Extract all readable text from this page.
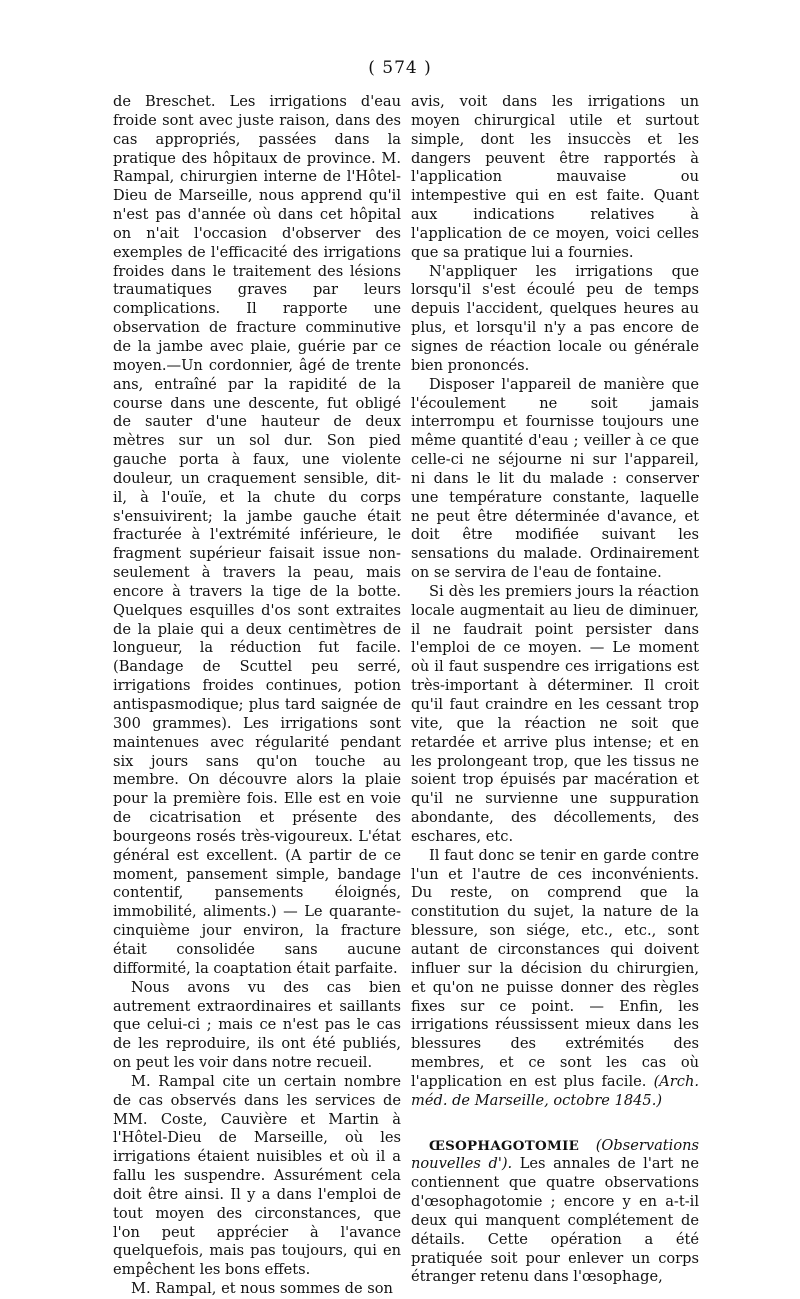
( 574 )

de Breschet. Les irrigations d'eau froide sont avec juste raison, dans des cas appropriés, passées dans la pratique des hôpitaux de province. M. Rampal, chirurgien interne de l'Hôtel-Dieu de Marseille, nous apprend qu'il n'est pas d'année où dans cet hôpital on n'ait l'occasion d'observer des exemples de l'efficacité des irrigations froides dans le traitement des lésions traumatiques graves par leurs complications. Il rapporte une observation de fracture comminutive de la jambe avec plaie, guérie par ce moyen.—Un cordonnier, âgé de trente ans, entraîné par la rapidité de la course dans une descente, fut obligé de sauter d'une hauteur de deux mètres sur un sol dur. Son pied gauche porta à faux, une violente douleur, un craquement sensible, dit-il, à l'ouïe, et la chute du corps s'ensuivirent; la jambe gauche était fracturée à l'extrémité inférieure, le fragment supérieur faisait issue non-seulement à travers la peau, mais encore à travers la tige de la botte. Quelques esquilles d'os sont extraites de la plaie qui a deux centimètres de longueur, la réduction fut facile. (Bandage de Scuttel peu serré, irrigations froides continues, potion antispasmodique; plus tard saignée de 300 grammes). Les irrigations sont maintenues avec régularité pendant six jours sans qu'on touche au membre. On découvre alors la plaie pour la première fois. Elle est en voie de cicatrisation et présente des bourgeons rosés très-vigoureux. L'état général est excellent. (A partir de ce moment, pansement simple, bandage contentif, pansements éloignés, immobilité, aliments.) — Le quarante-cinquième jour environ, la fracture était consolidée sans aucune difformité, la coaptation était parfaite.

Nous avons vu des cas bien autrement extraordinaires et saillants que celui-ci ; mais ce n'est pas le cas de les reproduire, ils ont été publiés, on peut les voir dans notre recueil.

M. Rampal cite un certain nombre de cas observés dans les services de MM. Coste, Cauvière et Martin à l'Hôtel-Dieu de Marseille, où les irrigations étaient nuisibles et où il a fallu les suspendre. Assurément cela doit être ainsi. Il y a dans l'emploi de tout moyen des circonstances, que l'on peut apprécier à l'avance quelquefois, mais pas toujours, qui en empêchent les bons effets.

M. Rampal, et nous sommes de son

avis, voit dans les irrigations un moyen chirurgical utile et surtout simple, dont les insuccès et les dangers peuvent être rapportés à l'application mauvaise ou intempestive qui en est faite. Quant aux indications relatives à l'application de ce moyen, voici celles que sa pratique lui a fournies.

N'appliquer les irrigations que lorsqu'il s'est écoulé peu de temps depuis l'accident, quelques heures au plus, et lorsqu'il n'y a pas encore de signes de réaction locale ou générale bien prononcés.

Disposer l'appareil de manière que l'écoulement ne soit jamais interrompu et fournisse toujours une même quantité d'eau ; veiller à ce que celle-ci ne séjourne ni sur l'appareil, ni dans le lit du malade : conserver une température constante, laquelle ne peut être déterminée d'avance, et doit être modifiée suivant les sensations du malade. Ordinairement on se servira de l'eau de fontaine.

Si dès les premiers jours la réaction locale augmentait au lieu de diminuer, il ne faudrait point persister dans l'emploi de ce moyen. — Le moment où il faut suspendre ces irrigations est très-important à déterminer. Il croit qu'il faut craindre en les cessant trop vite, que la réaction ne soit que retardée et arrive plus intense; et en les prolongeant trop, que les tissus ne soient trop épuisés par macération et qu'il ne survienne une suppuration abondante, des décollements, des eschares, etc.

Il faut donc se tenir en garde contre l'un et l'autre de ces inconvénients. Du reste, on comprend que la constitution du sujet, la nature de la blessure, son siége, etc., etc., sont autant de circonstances qui doivent influer sur la décision du chirurgien, et qu'on ne puisse donner des règles fixes sur ce point. — Enfin, les irrigations réussissent mieux dans les blessures des extrémités des membres, et ce sont les cas où l'application en est plus facile. (Arch. méd. de Marseille, octobre 1845.)

ŒSOPHAGOTOMIE (Observations nouvelles d'). Les annales de l'art ne contiennent que quatre observations d'œsophagotomie ; encore y en a-t-il deux qui manquent complétement de détails. Cette opération a été pratiquée soit pour enlever un corps étranger retenu dans l'œsophage,
